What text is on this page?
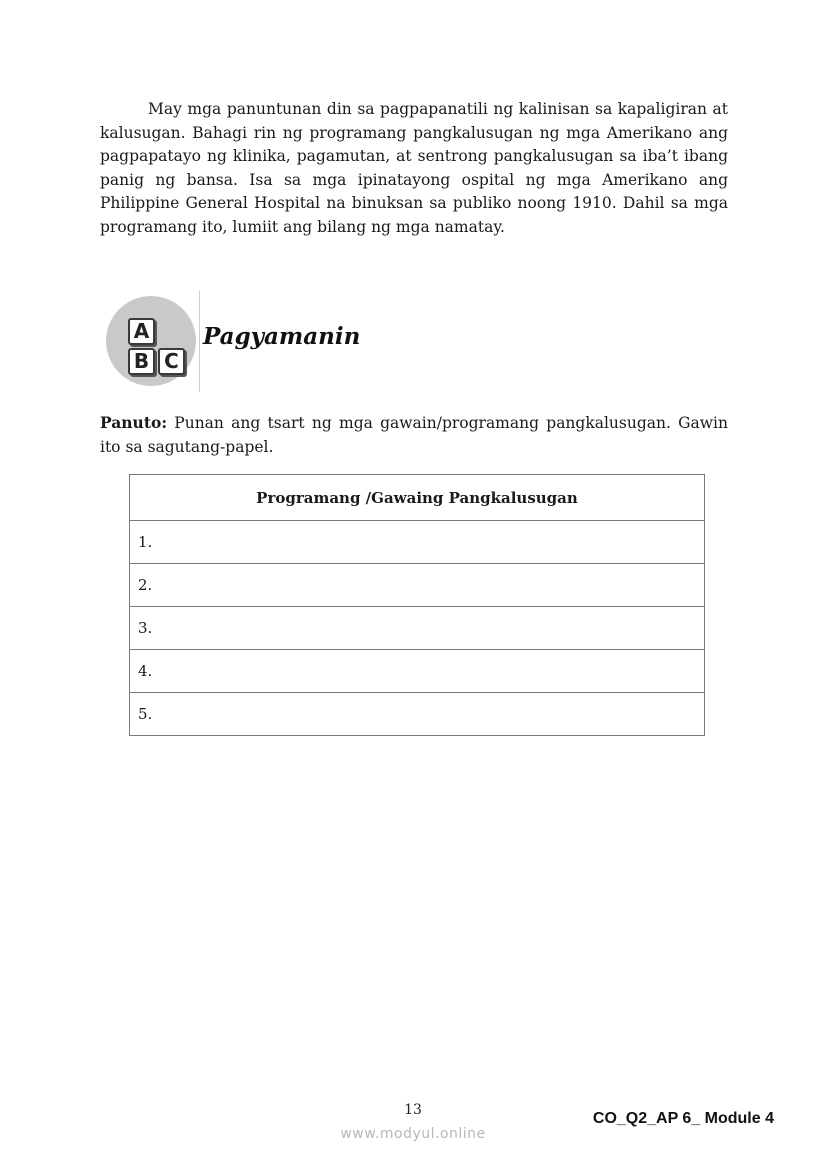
May mga panuntunan din sa pagpapanatili ng kalinisan sa kapaligiran at kalusugan. Bahagi rin ng programang pangkalusugan ng mga Amerikano ang pagpapatayo ng klinika, pagamutan, at sentrong pangkalusugan sa iba’t ibang panig ng bansa. Isa sa mga ipinatayong ospital ng mga Amerikano ang Philippine General Hospital na binuksan sa publiko noong 1910. Dahil sa mga programang ito, lumiit ang bilang ng mga namatay.

A
B C
Pagyamanin

Panuto: Punan ang tsart ng mga gawain/programang pangkalusugan. Gawin ito sa sagutang-papel.

Programang /Gawaing Pangkalusugan
1.
2.
3.
4.
5.
13
www.modyul.online
CO_Q2_AP 6_ Module 4
